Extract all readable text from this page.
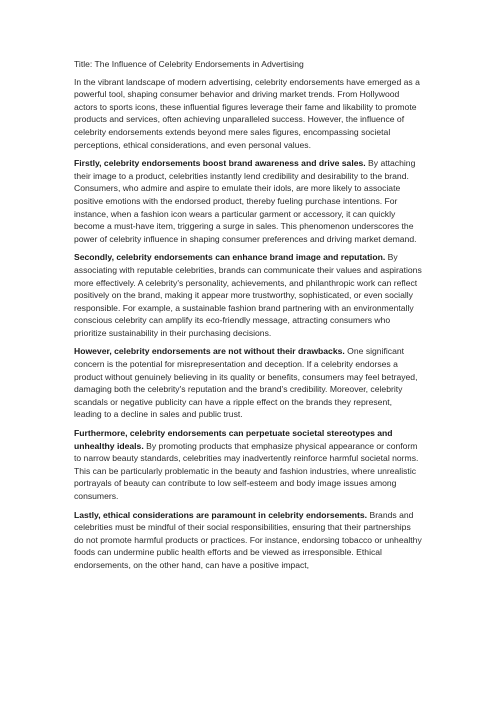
Title: The Influence of Celebrity Endorsements in Advertising

In the vibrant landscape of modern advertising, celebrity endorsements have emerged as a powerful tool, shaping consumer behavior and driving market trends. From Hollywood actors to sports icons, these influential figures leverage their fame and likability to promote products and services, often achieving unparalleled success. However, the influence of celebrity endorsements extends beyond mere sales figures, encompassing societal perceptions, ethical considerations, and even personal values.

Firstly, celebrity endorsements boost brand awareness and drive sales. By attaching their image to a product, celebrities instantly lend credibility and desirability to the brand. Consumers, who admire and aspire to emulate their idols, are more likely to associate positive emotions with the endorsed product, thereby fueling purchase intentions. For instance, when a fashion icon wears a particular garment or accessory, it can quickly become a must-have item, triggering a surge in sales. This phenomenon underscores the power of celebrity influence in shaping consumer preferences and driving market demand.

Secondly, celebrity endorsements can enhance brand image and reputation. By associating with reputable celebrities, brands can communicate their values and aspirations more effectively. A celebrity's personality, achievements, and philanthropic work can reflect positively on the brand, making it appear more trustworthy, sophisticated, or even socially responsible. For example, a sustainable fashion brand partnering with an environmentally conscious celebrity can amplify its eco-friendly message, attracting consumers who prioritize sustainability in their purchasing decisions.

However, celebrity endorsements are not without their drawbacks. One significant concern is the potential for misrepresentation and deception. If a celebrity endorses a product without genuinely believing in its quality or benefits, consumers may feel betrayed, damaging both the celebrity's reputation and the brand's credibility. Moreover, celebrity scandals or negative publicity can have a ripple effect on the brands they represent, leading to a decline in sales and public trust.

Furthermore, celebrity endorsements can perpetuate societal stereotypes and unhealthy ideals. By promoting products that emphasize physical appearance or conform to narrow beauty standards, celebrities may inadvertently reinforce harmful societal norms. This can be particularly problematic in the beauty and fashion industries, where unrealistic portrayals of beauty can contribute to low self-esteem and body image issues among consumers.

Lastly, ethical considerations are paramount in celebrity endorsements. Brands and celebrities must be mindful of their social responsibilities, ensuring that their partnerships do not promote harmful products or practices. For instance, endorsing tobacco or unhealthy foods can undermine public health efforts and be viewed as irresponsible. Ethical endorsements, on the other hand, can have a positive impact,
